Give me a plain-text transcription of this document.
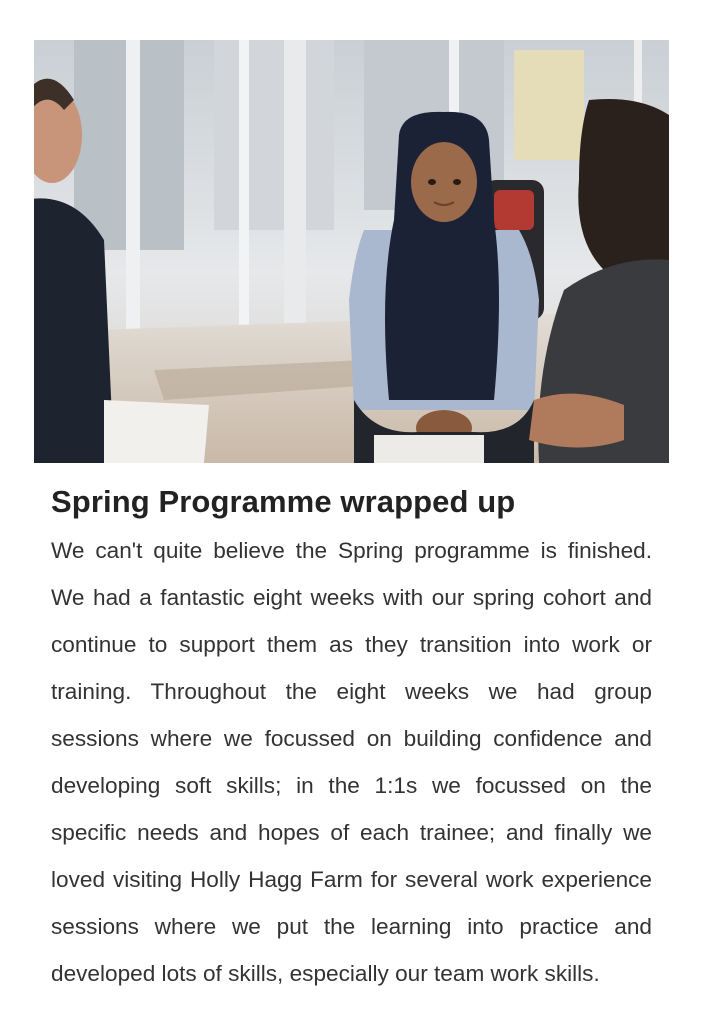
Spring Programme wrapped up

We can't quite believe the Spring programme is finished. We had a fantastic eight weeks with our spring cohort and continue to support them as they transition into work or training. Throughout the eight weeks we had group sessions where we focussed on building confidence and developing soft skills; in the 1:1s we focussed on the specific needs and hopes of each trainee; and finally we loved visiting Holly Hagg Farm for several work experience sessions where we put the learning into practice and developed lots of skills, especially our team work skills.
